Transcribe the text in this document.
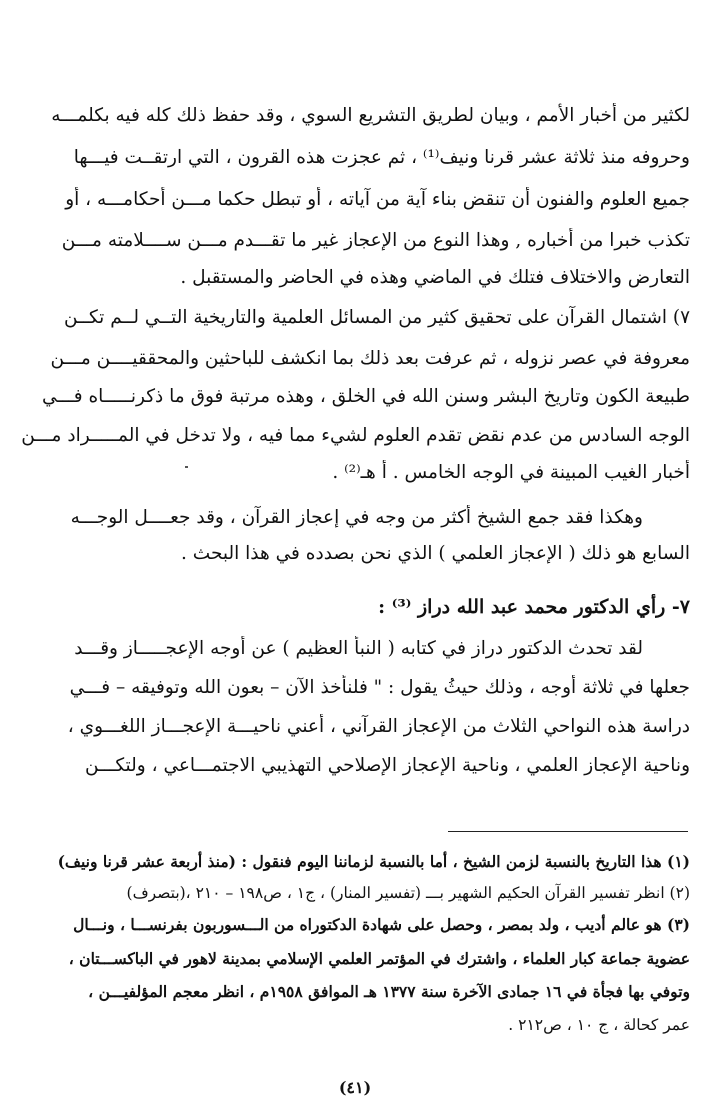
لكثير من أخبار الأمم ، وبيان لطريق التشريع السوي ، وقد حفظ ذلك كله فيه بكلمـــه
وحروفه منذ ثلاثة عشر قرنا ونيف⁽¹⁾ ، ثم عجزت هذه القرون ، التي ارتقــت فيـــها
جميع العلوم والفنون أن تنقض بناء آية من آياته ، أو تبطل حكما مـــن أحكامـــه ، أو
تكذب خبرا من أخباره , وهذا النوع من الإعجاز غير ما تقـــدم مـــن ســــلامته مـــن
التعارض والاختلاف فتلك في الماضي وهذه في الحاضر والمستقبل .
٧) اشتمال القرآن على تحقيق كثير من المسائل العلمية والتاريخية التــي لــم تكــن
معروفة في عصر نزوله ، ثم عرفت بعد ذلك بما انكشف للباحثين والمحققيــــن مـــن
طبيعة الكون وتاريخ البشر وسنن الله في الخلق ، وهذه مرتبة فوق ما ذكرنـــــاه فـــي
الوجه السادس من عدم نقض تقدم العلوم لشيء مما فيه ، ولا تدخل في المـــــراد مـــن
أخبار الغيب المبينة في الوجه الخامس . أ هـ⁽²⁾ .
وهكذا فقد جمع الشيخ أكثر من وجه في إعجاز القرآن ، وقد جعــــل الوجـــه
السابع هو ذلك ( الإعجاز العلمي ) الذي نحن بصدده في هذا البحث .
٧- رأي الدكتور محمد عبد الله دراز ⁽³⁾ :
لقد تحدث الدكتور دراز في كتابه ( النبأ العظيم ) عن أوجه الإعجـــــاز وقـــد
جعلها في ثلاثة أوجه ، وذلك حيثُ يقول : " فلنأخذ الآن – بعون الله وتوفيقه – فـــي
دراسة هذه النواحي الثلاث من الإعجاز القرآني ، أعني ناحيـــة الإعجـــاز اللغـــوي ،
وناحية الإعجاز العلمي ، وناحية الإعجاز الإصلاحي التهذيبي الاجتمـــاعي ، ولتكـــن
(١) هذا التاريخ بالنسبة لزمن الشيخ ، أما بالنسبة لزماننا اليوم فنقول : (منذ أربعة عشر قرنا ونيف)
(٢) انظر تفسير القرآن الحكيم الشهير بـــ (تفسير المنار) ، ج١ ، ص١٩٨ – ٢١٠ ،(بتصرف)
(٣) هو عالم أديب ، ولد بمصر ، وحصل على شهادة الدكتوراه من الـــسوربون بفرنســـا ، ونـــال
عضوية جماعة كبار العلماء ، واشترك في المؤتمر العلمي الإسلامي بمدينة لاهور في الباكســـتان ،
وتوفي بها فجأة في ١٦ جمادى الآخرة سنة ١٣٧٧ هـ الموافق ١٩٥٨م ، انظر معجم المؤلفيـــن ،
عمر كحالة ، ج ١٠ ، ص٢١٢ .
(٤١)
